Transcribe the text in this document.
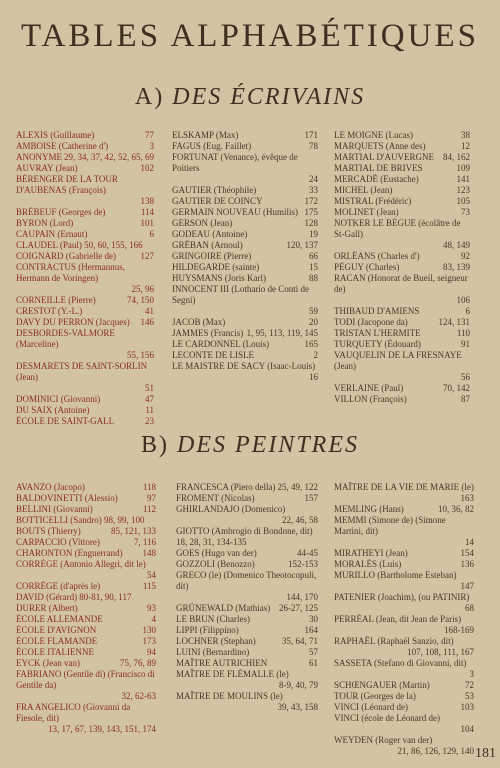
TABLES ALPHABÉTIQUES
A) DES ÉCRIVAINS
ALEXIS (Guillaume)	77
AMBOISE (Catherine d')	3
ANONYME 29, 34, 37, 42, 52, 65, 69
AUVRAY (Jean)	102
BÉRENGER DE LA TOUR D'AUBENAS (François)
138
BRÉBEUF (Georges de)	114
BYRON (Lord)	101
CAUPAIN (Ernaut)	6
CLAUDEL (Paul) 50, 60, 155, 166
COIGNARD (Gabrielle de)	127
CONTRACTUS (Hermannus, Hermann de Voringen)
25, 96
CORNEILLE (Pierre)	74, 150
CRESTOT (Y.-L.)	41
DAVY DU PERRON (Jacques) 146
DESBORDES-VALMORE (Marceline)
55, 156
DESMARETS DE SAINT-SORLIN (Jean)
51
DOMINICI (Giovanni)	47
DU SAIX (Antoine)	11
ÉCOLE DE SAINT-GALL	23
ELSKAMP (Max)	171
FAGUS (Eug. Faillet)	78
FORTUNAT (Venance), évêque de Poitiers
24
GAUTIER (Théophile)	33
GAUTIER DE COINCY	172
GERMAIN NOUVEAU (Humilis) 175
GERSON (Jean)	128
GODEAU (Antoine)	19
GRÉBAN (Arnoul)	120, 137
GRINGOIRE (Pierre)	66
HILDEGARDE (sainte)	15
HUYSMANS (Joris Karl)	88
INNOCENT III (Lothario de Conti de Segni)
59
JACOB (Max)	20
JAMMES (Francis) 1, 95, 113, 119, 145
LE CARDONNEL (Louis)	165
LECONTE DE LISLE	2
LE MAISTRE DE SACY (Isaac-Louis)
16
LE MOIGNE (Lucas)	38
MARQUETS (Anne des)	12
MARTIAL D'AUVERGNE 84, 162
MARTIAL DE BRIVES	109
MERCADÉ (Eustache)	141
MICHEL (Jean)	123
MISTRAL (Frédéric)	105
MOLINET (Jean)	73
NOTKER LE BÈGUE (écolâtre de St-Gall)
48, 149
ORLÉANS (Charles d')	92
PÉGUY (Charles)	83, 139
RACAN (Honorat de Bueil, seigneur de)
106
THIBAUD D'AMIENS	6
TODI (Jacopone da)	124, 131
TRISTAN L'HERMITE	110
TURQUETY (Édouard)	91
VAUQUELIN DE LA FRESNAYE (Jean)
56
VERLAINE (Paul)	70, 142
VILLON (François)	87
B) DES PEINTRES
AVANZO (Jacopo)	118
BALDOVINETTI (Alessio)	97
BELLINI (Giovanni)	112
BOTTICELLI (Sandro) 98, 99, 100
BOUTS (Thierry)	85, 121, 133
CARPACCIO (Vittore)	7, 116
CHARONTON (Enguerrand) 148
CORRÈGE (Antonio Allegri, dit le)
54
CORRÈGE (d'après le)	115
DAVID (Gérard) 80-81, 90, 117
DURER (Albert)	93
ÉCOLE ALLEMANDE	4
ÉCOLE D'AVIGNON	130
ÉCOLE FLAMANDE	173
ÉCOLE ITALIENNE	94
EYCK (Jean van)	75, 76, 89
FABRIANO (Gentile di) (Francisco di Gentile da)
32, 62-63
FRA ANGELICO (Giovanni da Fiesole, dit)
13, 17, 67, 139, 143, 151, 174
FRANCESCA (Piero della) 25, 49, 122
FROMENT (Nicolas)	157
GHIRLANDAJO (Domenico)
22, 46, 58
GIOTTO (Ambrogio di Bondone, dit) 18, 28, 31, 134-135
GOES (Hugo van der)	44-45
GOZZOLI (Benozzo)	152-153
GRECO (le) (Domenico Theotocopuli, dit)
144, 170
GRÜNEWALD (Mathias) 26-27, 125
LE BRUN (Charles)	30
LIPPI (Filippino)	164
LOCHNER (Stephan)	35, 64, 71
LUINI (Bernardino)	57
MAÎTRE AUTRICHIEN	61
MAÎTRE DE FLÉMALLE (le)
8-9, 40, 79
MAÎTRE DE MOULINS (le)
39, 43, 158
MAÎTRE DE LA VIE DE MARIE (le)
163
MEMLING (Hans)	10, 36, 82
MEMMI (Simone de) (Simone Martini, dit)
14
MIRATHEYI (Jean)	154
MORALÈS (Luis)	136
MURILLO (Bartholome Esteban)
147
PATENIER (Joachim), (ou PATINIR)
68
PERRÉAL (Jean, dit Jean de Paris)
168-169
RAPHAËL (Raphaël Sanzio, dit)
107, 108, 111, 167
SASSETA (Stefano di Giovanni, dit)
3
SCHŒNGAUER (Martin)	72
TOUR (Georges de la)	53
VINCI (Léonard de)	103
VINCI (école de Léonard de)
104
WEYDEN (Roger van der)
21, 86, 126, 129, 140 181
